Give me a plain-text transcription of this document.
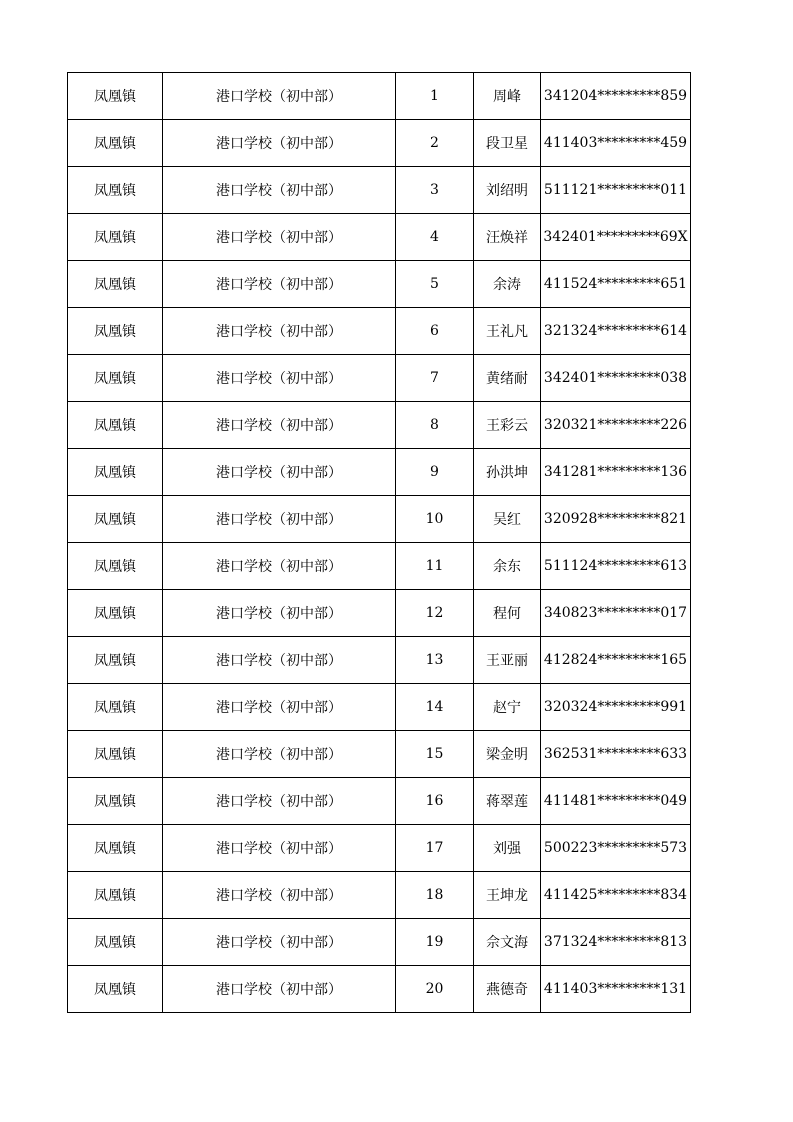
凤凰镇	港口学校（初中部）	1	周峰	341204*********859
凤凰镇	港口学校（初中部）	2	段卫星	411403*********459
凤凰镇	港口学校（初中部）	3	刘绍明	511121*********011
凤凰镇	港口学校（初中部）	4	汪焕祥	342401*********69X
凤凰镇	港口学校（初中部）	5	余涛	411524*********651
凤凰镇	港口学校（初中部）	6	王礼凡	321324*********614
凤凰镇	港口学校（初中部）	7	黄绪耐	342401*********038
凤凰镇	港口学校（初中部）	8	王彩云	320321*********226
凤凰镇	港口学校（初中部）	9	孙洪坤	341281*********136
凤凰镇	港口学校（初中部）	10	吴红	320928*********821
凤凰镇	港口学校（初中部）	11	余东	511124*********613
凤凰镇	港口学校（初中部）	12	程何	340823*********017
凤凰镇	港口学校（初中部）	13	王亚丽	412824*********165
凤凰镇	港口学校（初中部）	14	赵宁	320324*********991
凤凰镇	港口学校（初中部）	15	梁金明	362531*********633
凤凰镇	港口学校（初中部）	16	蒋翠莲	411481*********049
凤凰镇	港口学校（初中部）	17	刘强	500223*********573
凤凰镇	港口学校（初中部）	18	王坤龙	411425*********834
凤凰镇	港口学校（初中部）	19	佘文海	371324*********813
凤凰镇	港口学校（初中部）	20	燕德奇	411403*********131
